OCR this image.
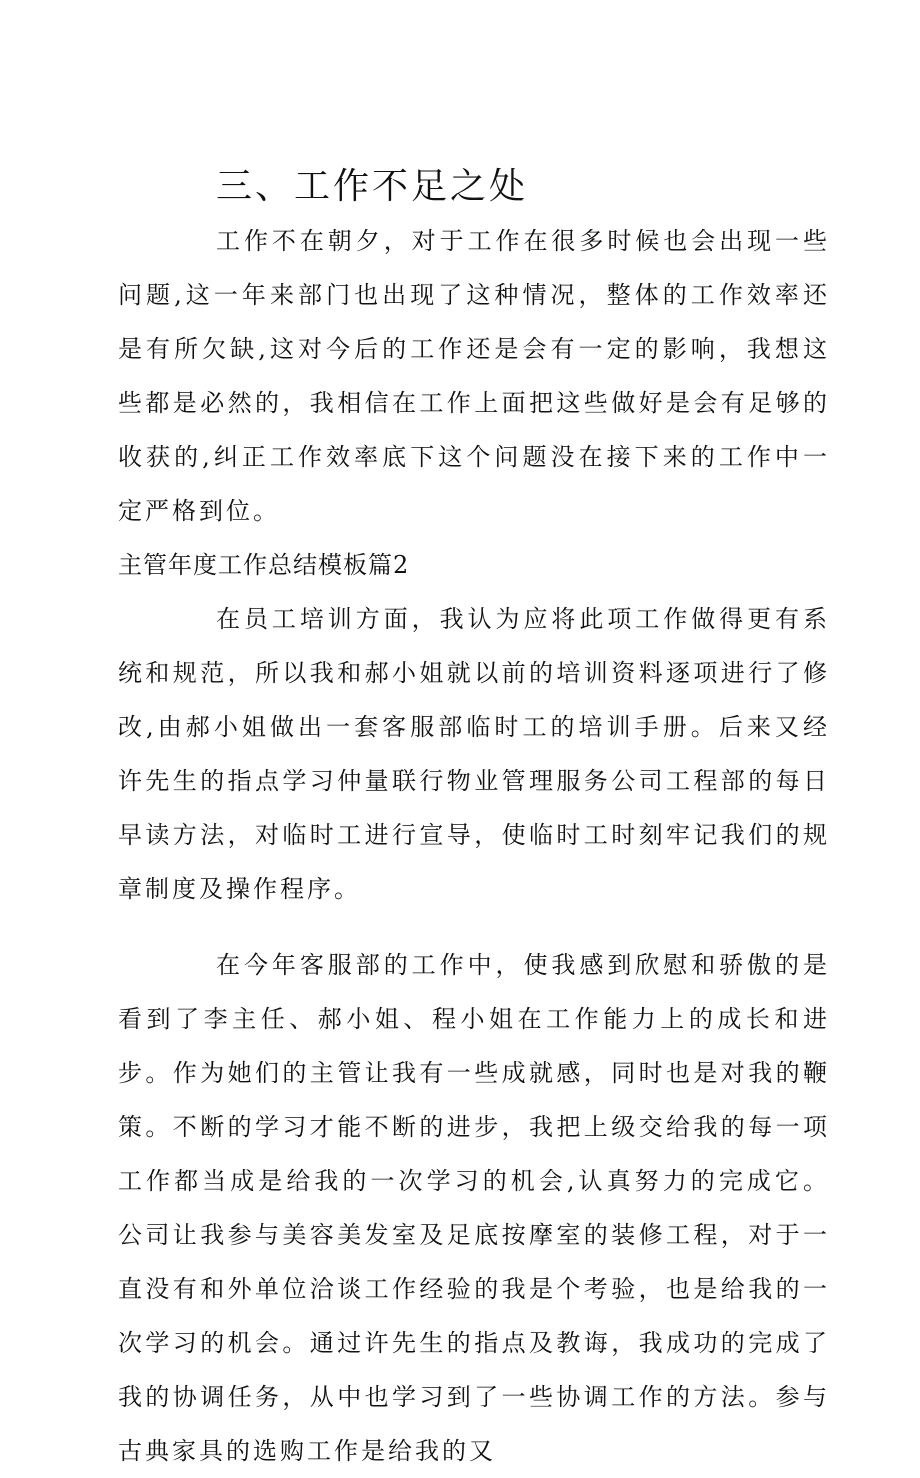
三、工作不足之处

工作不在朝夕，对于工作在很多时候也会出现一些问题,这一年来部门也出现了这种情况，整体的工作效率还是有所欠缺,这对今后的工作还是会有一定的影响，我想这些都是必然的，我相信在工作上面把这些做好是会有足够的收获的,纠正工作效率底下这个问题没在接下来的工作中一定严格到位。

主管年度工作总结模板篇2

在员工培训方面，我认为应将此项工作做得更有系统和规范，所以我和郝小姐就以前的培训资料逐项进行了修改,由郝小姐做出一套客服部临时工的培训手册。后来又经许先生的指点学习仲量联行物业管理服务公司工程部的每日早读方法，对临时工进行宣导，使临时工时刻牢记我们的规章制度及操作程序。

在今年客服部的工作中，使我感到欣慰和骄傲的是看到了李主任、郝小姐、程小姐在工作能力上的成长和进步。作为她们的主管让我有一些成就感，同时也是对我的鞭策。不断的学习才能不断的进步，我把上级交给我的每一项工作都当成是给我的一次学习的机会,认真努力的完成它。公司让我参与美容美发室及足底按摩室的装修工程，对于一直没有和外单位洽谈工作经验的我是个考验，也是给我的一次学习的机会。通过许先生的指点及教诲，我成功的完成了我的协调任务，从中也学习到了一些协调工作的方法。参与古典家具的选购工作是给我的又
